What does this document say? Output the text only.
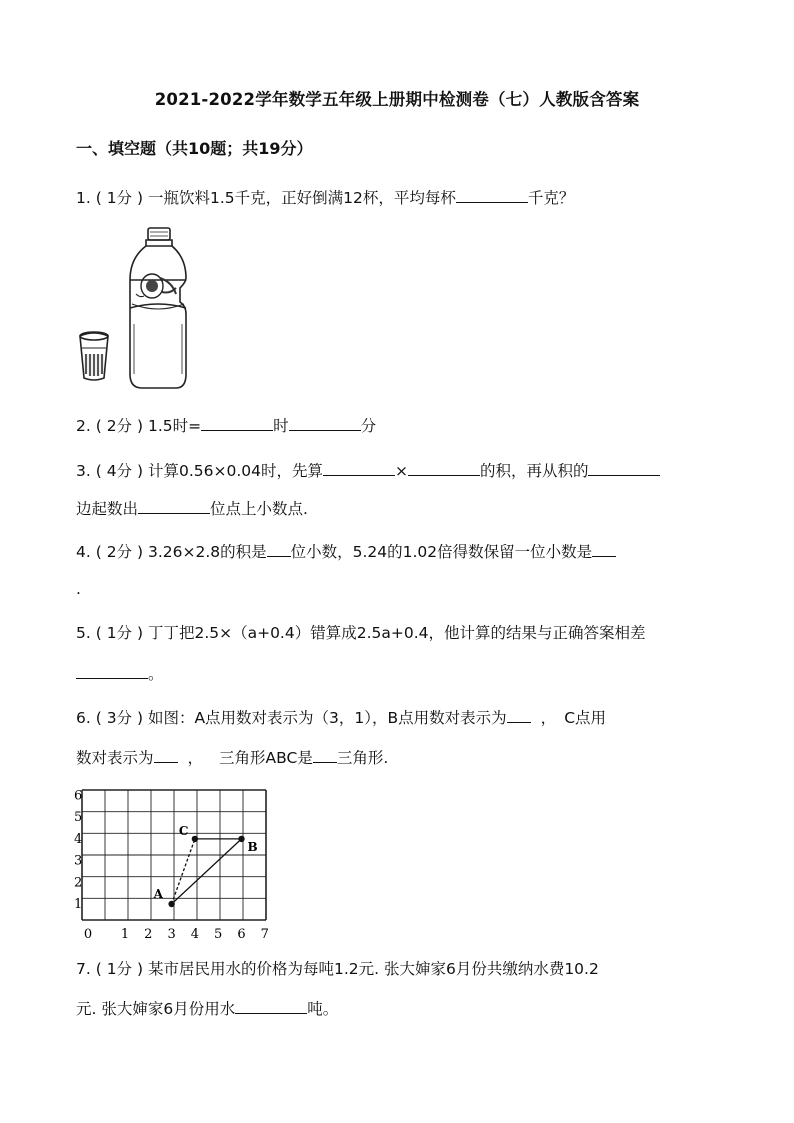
2021-2022学年数学五年级上册期中检测卷（七）人教版含答案
一、填空题（共10题；共19分）
1. ( 1分 ) 一瓶饮料1.5千克，正好倒满12杯，平均每杯	千克？
2. ( 2分 ) 1.5时=	时	分
3. ( 4分 ) 计算0.56×0.04时，先算	×	的积，再从积的
边起数出	位点上小数点.
4. ( 2分 ) 3.26×2.8的积是 位小数，5.24的1.02倍得数保留一位小数是
.
5. ( 1分 ) 丁丁把2.5×（a+0.4）错算成2.5a+0.4，他计算的结果与正确答案相差
。
6. ( 3分 ) 如图：A点用数对表示为（3，1），B点用数对表示为 ， C点用
数对表示为 ， 三角形ABC是 三角形.
0 1 2 3 4 5 6 7
1
2
3
4
5
6
A
B
C
7. ( 1分 ) 某市居民用水的价格为每吨1.2元. 张大婶家6月份共缴纳水费10.2
元. 张大婶家6月份用水	吨。
